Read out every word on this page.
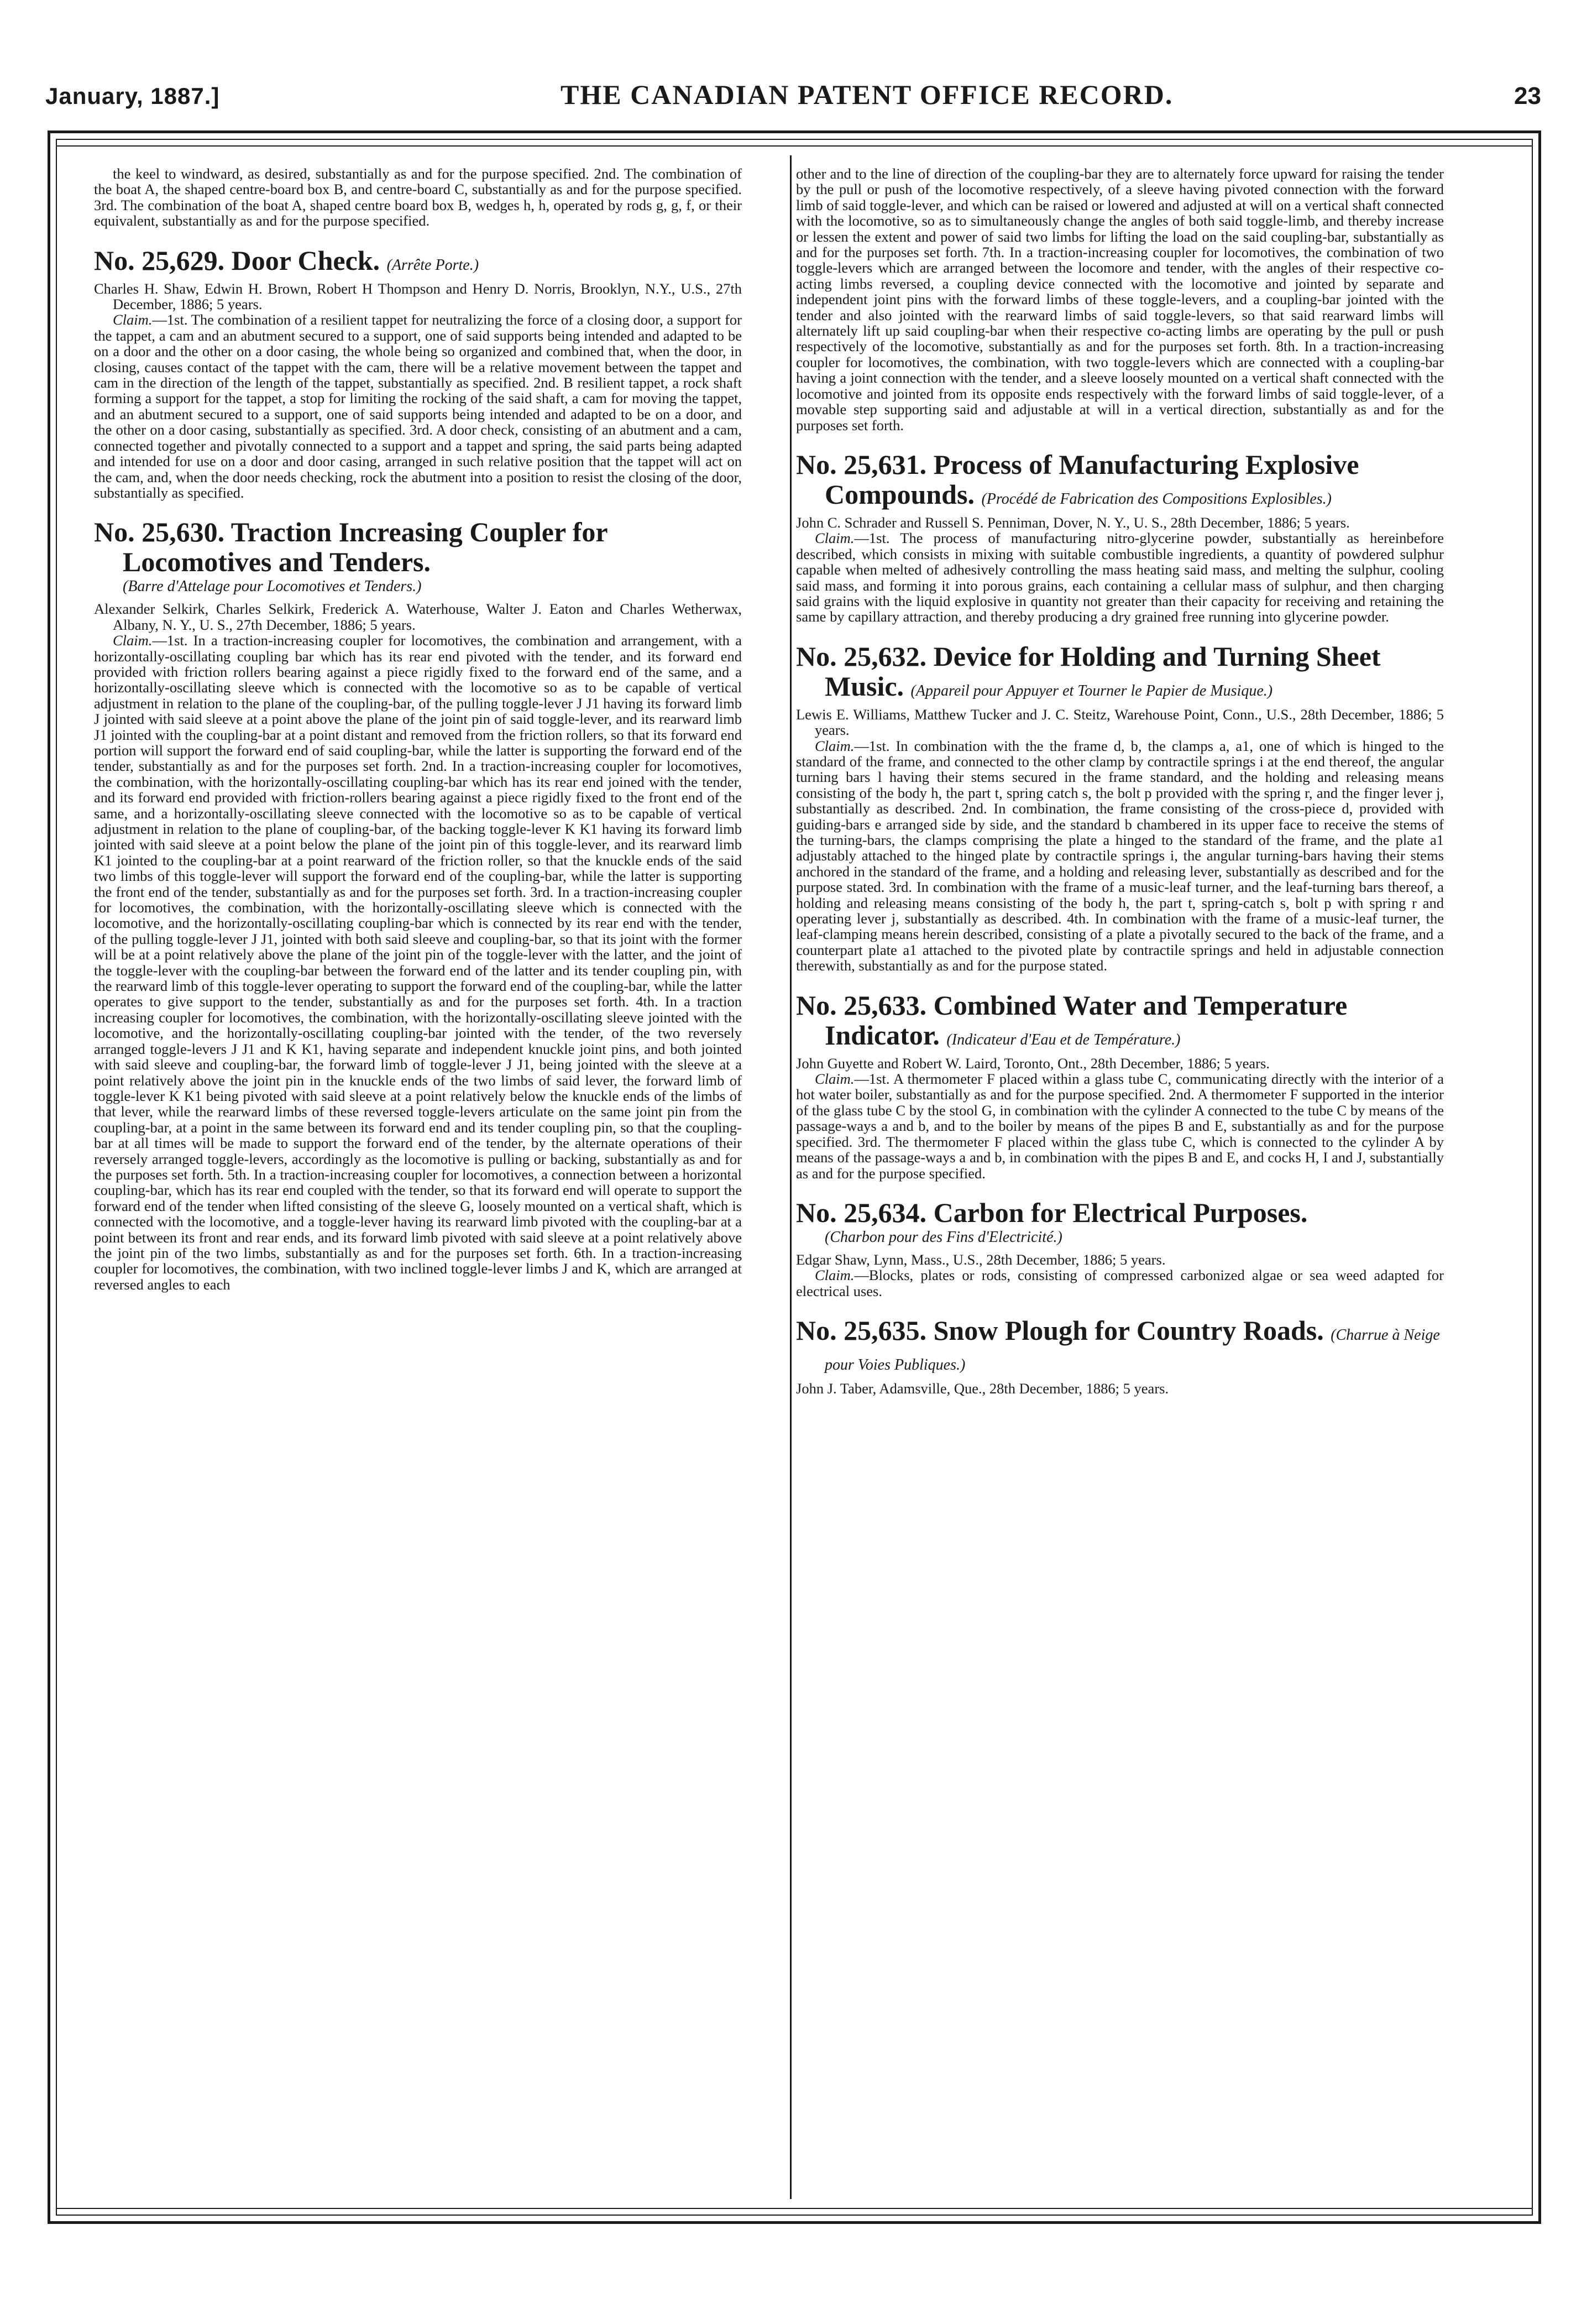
January, 1887.]	THE CANADIAN PATENT OFFICE RECORD.	23

the keel to windward, as desired, substantially as and for the purpose specified. 2nd. The combination of the boat A, the shaped centre-board box B, and centre-board C, substantially as and for the purpose specified. 3rd. The combination of the boat A, shaped centre board box B, wedges h, h, operated by rods g, g, f, or their equivalent, substantially as and for the purpose specified.

No. 25,629. Door Check. (Arrête Porte.)

Charles H. Shaw, Edwin H. Brown, Robert H Thompson and Henry D. Norris, Brooklyn, N.Y., U.S., 27th December, 1886; 5 years.

Claim.—1st. The combination of a resilient tappet for neutralizing the force of a closing door, a support for the tappet, a cam and an abutment secured to a support, one of said supports being intended and adapted to be on a door and the other on a door casing, the whole being so organized and combined that, when the door, in closing, causes contact of the tappet with the cam, there will be a relative movement between the tappet and cam in the direction of the length of the tappet, substantially as specified. 2nd. B resilient tappet, a rock shaft forming a support for the tappet, a stop for limiting the rocking of the said shaft, a cam for moving the tappet, and an abutment secured to a support, one of said supports being intended and adapted to be on a door, and the other on a door casing, substantially as specified. 3rd. A door check, consisting of an abutment and a cam, connected together and pivotally connected to a support and a tappet and spring, the said parts being adapted and intended for use on a door and door casing, arranged in such relative position that the tappet will act on the cam, and, when the door needs checking, rock the abutment into a position to resist the closing of the door, substantially as specified.

No. 25,630. Traction Increasing Coupler for Locomotives and Tenders.
(Barre d'Attelage pour Locomotives et Tenders.)

Alexander Selkirk, Charles Selkirk, Frederick A. Waterhouse, Walter J. Eaton and Charles Wetherwax, Albany, N. Y., U. S., 27th December, 1886; 5 years.

Claim.—1st. In a traction-increasing coupler for locomotives, the combination and arrangement, with a horizontally-oscillating coupling bar which has its rear end pivoted with the tender, and its forward end provided with friction rollers bearing against a piece rigidly fixed to the forward end of the same, and a horizontally-oscillating sleeve which is connected with the locomotive so as to be capable of vertical adjustment in relation to the plane of the coupling-bar, of the pulling toggle-lever J J1 having its forward limb J jointed with said sleeve at a point above the plane of the joint pin of said toggle-lever, and its rearward limb J1 jointed with the coupling-bar at a point distant and removed from the friction rollers, so that its forward end portion will support the forward end of said coupling-bar, while the latter is supporting the forward end of the tender, substantially as and for the purposes set forth. 2nd. In a traction-increasing coupler for locomotives, the combination, with the horizontally-oscillating coupling-bar which has its rear end joined with the tender, and its forward end provided with friction-rollers bearing against a piece rigidly fixed to the front end of the same, and a horizontally-oscillating sleeve connected with the locomotive so as to be capable of vertical adjustment in relation to the plane of coupling-bar, of the backing toggle-lever K K1 having its forward limb jointed with said sleeve at a point below the plane of the joint pin of this toggle-lever, and its rearward limb K1 jointed to the coupling-bar at a point rearward of the friction roller, so that the knuckle ends of the said two limbs of this toggle-lever will support the forward end of the coupling-bar, while the latter is supporting the front end of the tender, substantially as and for the purposes set forth. 3rd. In a traction-increasing coupler for locomotives, the combination, with the horizontally-oscillating sleeve which is connected with the locomotive, and the horizontally-oscillating coupling-bar which is connected by its rear end with the tender, of the pulling toggle-lever J J1, jointed with both said sleeve and coupling-bar, so that its joint with the former will be at a point relatively above the plane of the joint pin of the toggle-lever with the latter, and the joint of the toggle-lever with the coupling-bar between the forward end of the latter and its tender coupling pin, with the rearward limb of this toggle-lever operating to support the forward end of the coupling-bar, while the latter operates to give support to the tender, substantially as and for the purposes set forth. 4th. In a traction increasing coupler for locomotives, the combination, with the horizontally-oscillating sleeve jointed with the locomotive, and the horizontally-oscillating coupling-bar jointed with the tender, of the two reversely arranged toggle-levers J J1 and K K1, having separate and independent knuckle joint pins, and both jointed with said sleeve and coupling-bar, the forward limb of toggle-lever J J1, being jointed with the sleeve at a point relatively above the joint pin in the knuckle ends of the two limbs of said lever, the forward limb of toggle-lever K K1 being pivoted with said sleeve at a point relatively below the knuckle ends of the limbs of that lever, while the rearward limbs of these reversed toggle-levers articulate on the same joint pin from the coupling-bar, at a point in the same between its forward end and its tender coupling pin, so that the coupling-bar at all times will be made to support the forward end of the tender, by the alternate operations of their reversely arranged toggle-levers, accordingly as the locomotive is pulling or backing, substantially as and for the purposes set forth. 5th. In a traction-increasing coupler for locomotives, a connection between a horizontal coupling-bar, which has its rear end coupled with the tender, so that its forward end will operate to support the forward end of the tender when lifted consisting of the sleeve G, loosely mounted on a vertical shaft, which is connected with the locomotive, and a toggle-lever having its rearward limb pivoted with the coupling-bar at a point between its front and rear ends, and its forward limb pivoted with said sleeve at a point relatively above the joint pin of the two limbs, substantially as and for the purposes set forth. 6th. In a traction-increasing coupler for locomotives, the combination, with two inclined toggle-lever limbs J and K, which are arranged at reversed angles to each

other and to the line of direction of the coupling-bar they are to alternately force upward for raising the tender by the pull or push of the locomotive respectively, of a sleeve having pivoted connection with the forward limb of said toggle-lever, and which can be raised or lowered and adjusted at will on a vertical shaft connected with the locomotive, so as to simultaneously change the angles of both said toggle-limb, and thereby increase or lessen the extent and power of said two limbs for lifting the load on the said coupling-bar, substantially as and for the purposes set forth. 7th. In a traction-increasing coupler for locomotives, the combination of two toggle-levers which are arranged between the locomore and tender, with the angles of their respective co-acting limbs reversed, a coupling device connected with the locomotive and jointed by separate and independent joint pins with the forward limbs of these toggle-levers, and a coupling-bar jointed with the tender and also jointed with the rearward limbs of said toggle-levers, so that said rearward limbs will alternately lift up said coupling-bar when their respective co-acting limbs are operating by the pull or push respectively of the locomotive, substantially as and for the purposes set forth. 8th. In a traction-increasing coupler for locomotives, the combination, with two toggle-levers which are connected with a coupling-bar having a joint connection with the tender, and a sleeve loosely mounted on a vertical shaft connected with the locomotive and jointed from its opposite ends respectively with the forward limbs of said toggle-lever, of a movable step supporting said and adjustable at will in a vertical direction, substantially as and for the purposes set forth.

No. 25,631. Process of Manufacturing Explosive Compounds. (Procédé de Fabrication des Compositions Explosibles.)

John C. Schrader and Russell S. Penniman, Dover, N. Y., U. S., 28th December, 1886; 5 years.

Claim.—1st. The process of manufacturing nitro-glycerine powder, substantially as hereinbefore described, which consists in mixing with suitable combustible ingredients, a quantity of powdered sulphur capable when melted of adhesively controlling the mass heating said mass, and melting the sulphur, cooling said mass, and forming it into porous grains, each containing a cellular mass of sulphur, and then charging said grains with the liquid explosive in quantity not greater than their capacity for receiving and retaining the same by capillary attraction, and thereby producing a dry grained free running into glycerine powder.

No. 25,632. Device for Holding and Turning Sheet Music. (Appareil pour Appuyer et Tourner le Papier de Musique.)

Lewis E. Williams, Matthew Tucker and J. C. Steitz, Warehouse Point, Conn., U.S., 28th December, 1886; 5 years.

Claim.—1st. In combination with the the frame d, b, the clamps a, a1, one of which is hinged to the standard of the frame, and connected to the other clamp by contractile springs i at the end thereof, the angular turning bars l having their stems secured in the frame standard, and the holding and releasing means consisting of the body h, the part t, spring catch s, the bolt p provided with the spring r, and the finger lever j, substantially as described. 2nd. In combination, the frame consisting of the cross-piece d, provided with guiding-bars e arranged side by side, and the standard b chambered in its upper face to receive the stems of the turning-bars, the clamps comprising the plate a hinged to the standard of the frame, and the plate a1 adjustably attached to the hinged plate by contractile springs i, the angular turning-bars having their stems anchored in the standard of the frame, and a holding and releasing lever, substantially as described and for the purpose stated. 3rd. In combination with the frame of a music-leaf turner, and the leaf-turning bars thereof, a holding and releasing means consisting of the body h, the part t, spring-catch s, bolt p with spring r and operating lever j, substantially as described. 4th. In combination with the frame of a music-leaf turner, the leaf-clamping means herein described, consisting of a plate a pivotally secured to the back of the frame, and a counterpart plate a1 attached to the pivoted plate by contractile springs and held in adjustable connection therewith, substantially as and for the purpose stated.

No. 25,633. Combined Water and Temperature Indicator. (Indicateur d'Eau et de Température.)

John Guyette and Robert W. Laird, Toronto, Ont., 28th December, 1886; 5 years.

Claim.—1st. A thermometer F placed within a glass tube C, communicating directly with the interior of a hot water boiler, substantially as and for the purpose specified. 2nd. A thermometer F supported in the interior of the glass tube C by the stool G, in combination with the cylinder A connected to the tube C by means of the passage-ways a and b, and to the boiler by means of the pipes B and E, substantially as and for the purpose specified. 3rd. The thermometer F placed within the glass tube C, which is connected to the cylinder A by means of the passage-ways a and b, in combination with the pipes B and E, and cocks H, I and J, substantially as and for the purpose specified.

No. 25,634. Carbon for Electrical Purposes.
(Charbon pour des Fins d'Electricité.)

Edgar Shaw, Lynn, Mass., U.S., 28th December, 1886; 5 years.

Claim.—Blocks, plates or rods, consisting of compressed carbonized algae or sea weed adapted for electrical uses.

No. 25,635. Snow Plough for Country Roads. (Charrue à Neige pour Voies Publiques.)

John J. Taber, Adamsville, Que., 28th December, 1886; 5 years.
